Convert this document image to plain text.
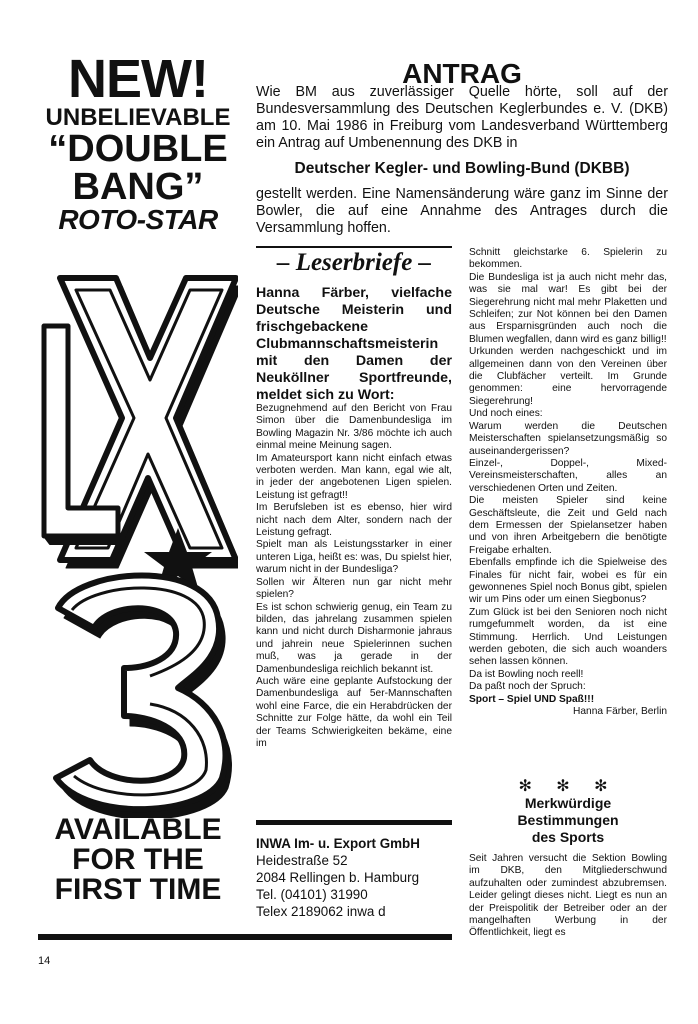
NEW!
UNBELIEVABLE
“DOUBLE
BANG”
ROTO-STAR
AVAILABLE
FOR THE
FIRST TIME
ANTRAG
Wie BM aus zuverlässiger Quelle hörte, soll auf der Bundesversammlung des Deutschen Keglerbundes e. V. (DKB) am 10. Mai 1986 in Freiburg vom Landesverband Württemberg ein Antrag auf Umbenennung des DKB in
Deutscher Kegler- und Bowling-Bund (DKBB)
gestellt werden. Eine Namensänderung wäre ganz im Sinne der Bowler, die auf eine Annahme des Antrages durch die Versammlung hoffen.
– Leserbriefe –
Hanna Färber, vielfache Deutsche Meisterin und frischgebackene Clubmannschaftsmeisterin mit den Damen der Neuköllner Sportfreunde, meldet sich zu Wort:

Bezugnehmend auf den Bericht von Frau Simon über die Damenbundesliga im Bowling Magazin Nr. 3/86 möchte ich auch einmal meine Meinung sagen.

Im Amateursport kann nicht einfach etwas verboten werden. Man kann, egal wie alt, in jeder der angebotenen Ligen spielen. Leistung ist gefragt!!

Im Berufsleben ist es ebenso, hier wird nicht nach dem Alter, sondern nach der Leistung gefragt.

Spielt man als Leistungsstarker in einer unteren Liga, heißt es: was, Du spielst hier, warum nicht in der Bundesliga?

Sollen wir Älteren nun gar nicht mehr spielen?

Es ist schon schwierig genug, ein Team zu bilden, das jahrelang zusammen spielen kann und nicht durch Disharmonie jahraus und jahrein neue Spielerinnen suchen muß, was ja gerade in der Damenbundesliga reichlich bekannt ist.

Auch wäre eine geplante Aufstockung der Damenbundesliga auf 5er-Mannschaften wohl eine Farce, die ein Herabdrücken der Schnitte zur Folge hätte, da wohl ein Teil der Teams Schwierigkeiten bekäme, eine im

INWA Im- u. Export GmbH
Heidestraße 52
2084 Rellingen b. Hamburg
Tel. (04101) 31990
Telex 2189062 inwa d

Schnitt gleichstarke 6. Spielerin zu bekommen.

Die Bundesliga ist ja auch nicht mehr das, was sie mal war! Es gibt bei der Siegerehrung nicht mal mehr Plaketten und Schleifen; zur Not können bei den Damen aus Ersparnisgründen auch noch die Blumen wegfallen, dann wird es ganz billig!!

Urkunden werden nachgeschickt und im allgemeinen dann von den Vereinen über die Clubfächer verteilt. Im Grunde genommen: eine hervorragende Siegerehrung!

Und noch eines:

Warum werden die Deutschen Meisterschaften spielansetzungsmäßig so auseinandergerissen?

Einzel-, Doppel-, Mixed-Vereinsmeisterschaften, alles an verschiedenen Orten und Zeiten.

Die meisten Spieler sind keine Geschäftsleute, die Zeit und Geld nach dem Ermessen der Spielansetzer haben und von ihren Arbeitgebern die benötigte Freigabe erhalten.

Ebenfalls empfinde ich die Spielweise des Finales für nicht fair, wobei es für ein gewonnenes Spiel noch Bonus gibt, spielen wir um Pins oder um einen Siegbonus?

Zum Glück ist bei den Senioren noch nicht rumgefummelt worden, da ist eine Stimmung. Herrlich. Und Leistungen werden geboten, die sich auch woanders sehen lassen können.

Da ist Bowling noch reell!

Da paßt noch der Spruch:

Sport – Spiel UND Spaß!!!

Hanna Färber, Berlin

✻ ✻ ✻
Merkwürdige
Bestimmungen
des Sports
Seit Jahren versucht die Sektion Bowling im DKB, den Mitgliederschwund aufzuhalten oder zumindest abzubremsen. Leider gelingt dieses nicht. Liegt es nun an der Preispolitik der Betreiber oder an der mangelhaften Werbung in der Öffentlichkeit, liegt es
14
